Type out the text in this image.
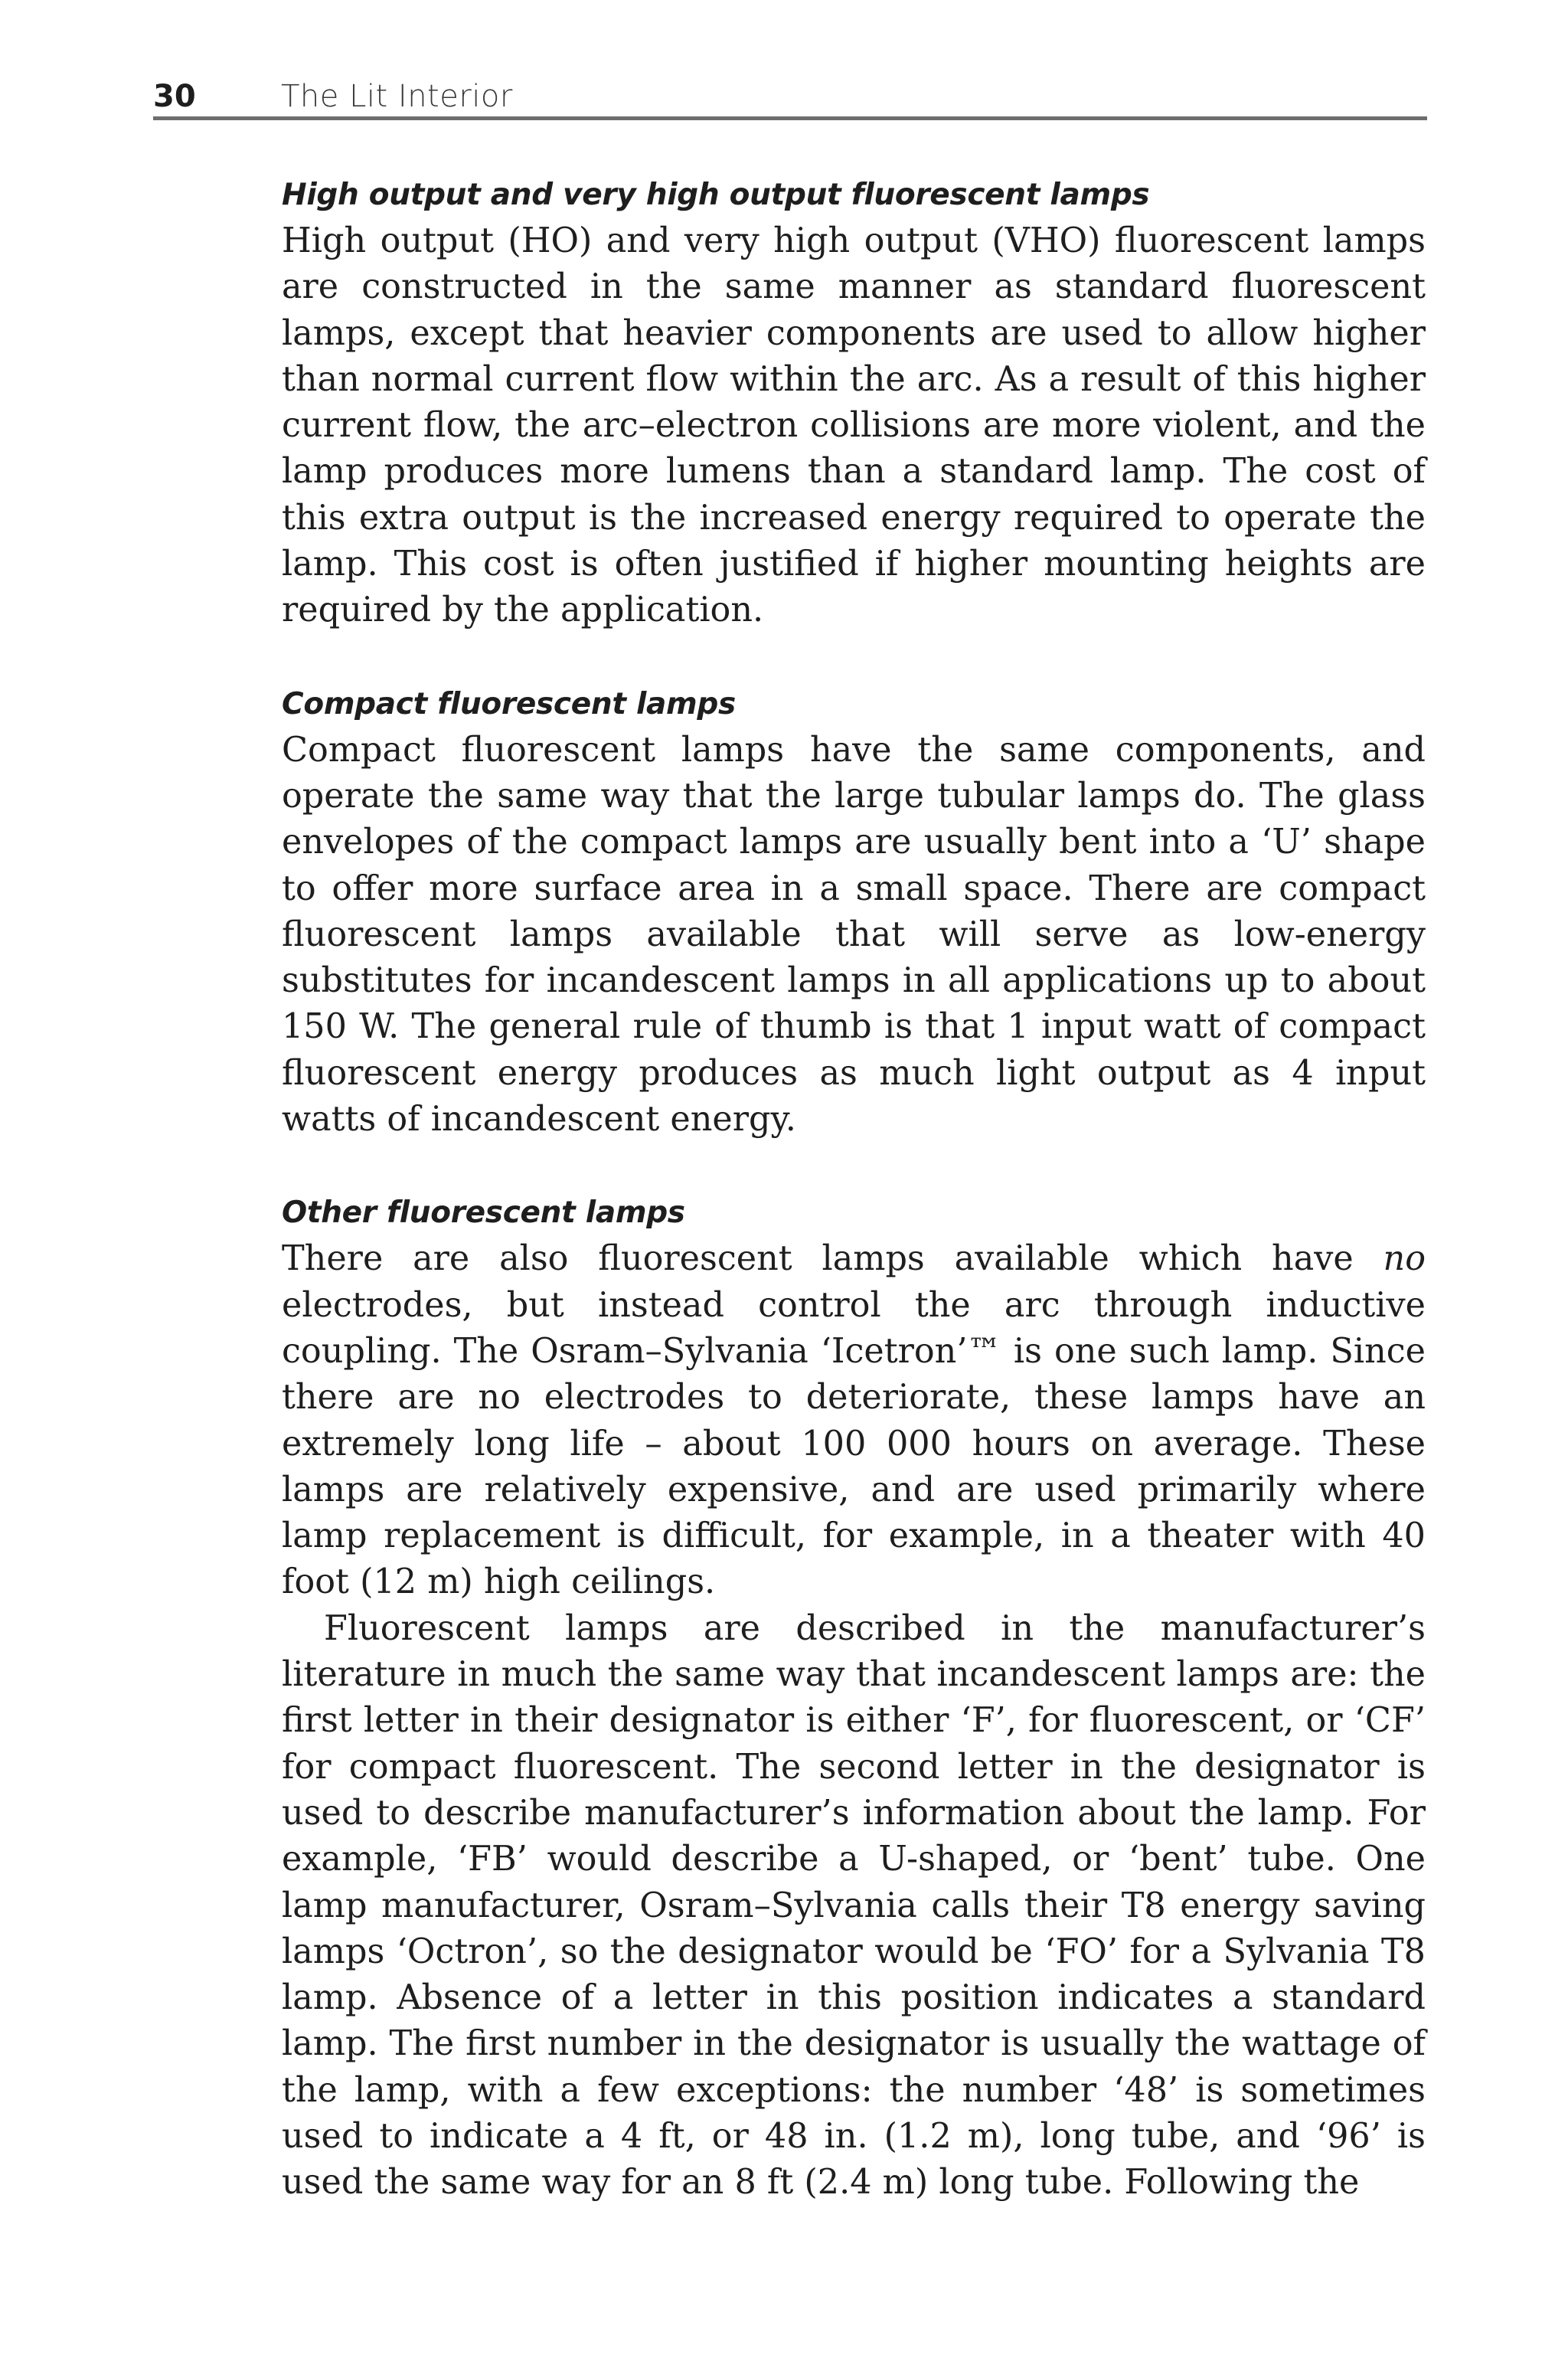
30	The Lit Interior
High output and very high output fluorescent lamps

High output (HO) and very high output (VHO) fluorescent lamps are constructed in the same manner as standard fluorescent lamps, except that heavier components are used to allow higher than normal current flow within the arc. As a result of this higher current flow, the arc–electron collisions are more violent, and the lamp produces more lumens than a standard lamp. The cost of this extra output is the increased energy required to operate the lamp. This cost is often justified if higher mounting heights are required by the application.

Compact fluorescent lamps

Compact fluorescent lamps have the same components, and operate the same way that the large tubular lamps do. The glass envelopes of the compact lamps are usually bent into a ‘U’ shape to offer more surface area in a small space. There are compact fluorescent lamps available that will serve as low-energy substitutes for incandescent lamps in all applications up to about 150 W. The general rule of thumb is that 1 input watt of compact fluorescent energy produces as much light output as 4 input watts of incandescent energy.

Other fluorescent lamps

There are also fluorescent lamps available which have no electrodes, but instead control the arc through inductive coupling. The Osram–Sylvania ‘Icetron’™ is one such lamp. Since there are no electrodes to deteriorate, these lamps have an extremely long life – about 100 000 hours on average. These lamps are relatively expensive, and are used primarily where lamp replacement is difficult, for example, in a theater with 40 foot (12 m) high ceilings.

Fluorescent lamps are described in the manufacturer’s literature in much the same way that incandescent lamps are: the first letter in their designator is either ‘F’, for fluorescent, or ‘CF’ for compact fluorescent. The second letter in the designator is used to describe manufacturer’s information about the lamp. For example, ‘FB’ would describe a U-shaped, or ‘bent’ tube. One lamp manufacturer, Osram–Sylvania calls their T8 energy saving lamps ‘Octron’, so the designator would be ‘FO’ for a Sylvania T8 lamp. Absence of a letter in this position indicates a standard lamp. The first number in the designator is usually the wattage of the lamp, with a few exceptions: the number ‘48’ is sometimes used to indicate a 4 ft, or 48 in. (1.2 m), long tube, and ‘96’ is used the same way for an 8 ft (2.4 m) long tube. Following the
